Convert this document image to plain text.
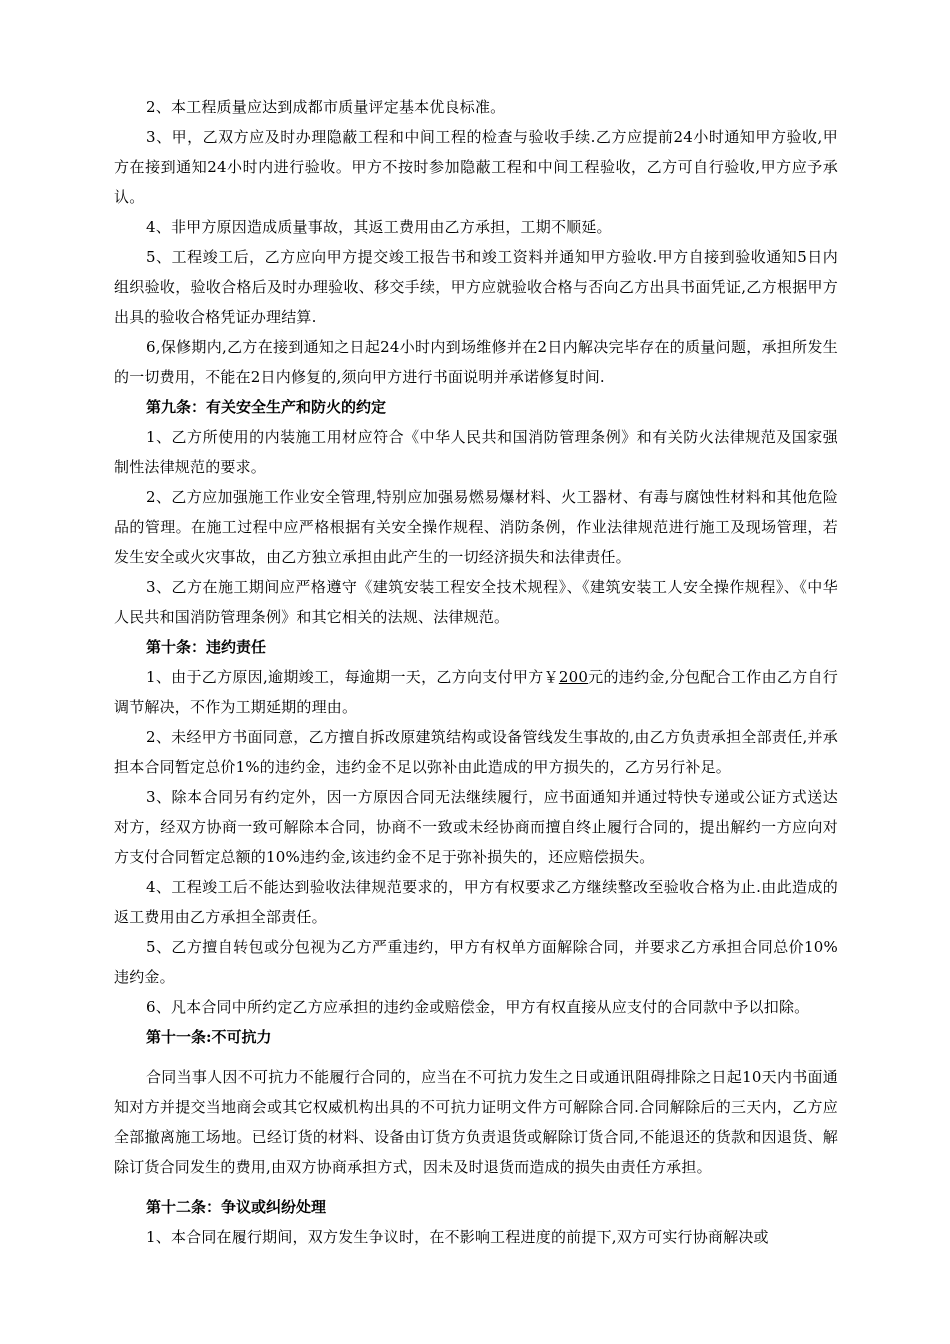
2、本工程质量应达到成都市质量评定基本优良标准。

3、甲，乙双方应及时办理隐蔽工程和中间工程的检查与验收手续.乙方应提前24小时通知甲方验收,甲方在接到通知24小时内进行验收。甲方不按时参加隐蔽工程和中间工程验收，乙方可自行验收,甲方应予承认。

4、非甲方原因造成质量事故，其返工费用由乙方承担，工期不顺延。

5、工程竣工后，乙方应向甲方提交竣工报告书和竣工资料并通知甲方验收.甲方自接到验收通知5日内组织验收，验收合格后及时办理验收、移交手续，甲方应就验收合格与否向乙方出具书面凭证,乙方根据甲方出具的验收合格凭证办理结算.

6,保修期内,乙方在接到通知之日起24小时内到场维修并在2日内解决完毕存在的质量问题，承担所发生的一切费用，不能在2日内修复的,须向甲方进行书面说明并承诺修复时间.

第九条：有关安全生产和防火的约定

1、乙方所使用的内装施工用材应符合《中华人民共和国消防管理条例》和有关防火法律规范及国家强制性法律规范的要求。

2、乙方应加强施工作业安全管理,特别应加强易燃易爆材料、火工器材、有毒与腐蚀性材料和其他危险品的管理。在施工过程中应严格根据有关安全操作规程、消防条例，作业法律规范进行施工及现场管理，若发生安全或火灾事故，由乙方独立承担由此产生的一切经济损失和法律责任。

3、乙方在施工期间应严格遵守《建筑安装工程安全技术规程》、《建筑安装工人安全操作规程》、《中华人民共和国消防管理条例》和其它相关的法规、法律规范。

第十条：违约责任

1、由于乙方原因,逾期竣工，每逾期一天，乙方向支付甲方￥200元的违约金,分包配合工作由乙方自行调节解决，不作为工期延期的理由。

2、未经甲方书面同意，乙方擅自拆改原建筑结构或设备管线发生事故的,由乙方负责承担全部责任,并承担本合同暂定总价1%的违约金，违约金不足以弥补由此造成的甲方损失的，乙方另行补足。

3、除本合同另有约定外，因一方原因合同无法继续履行，应书面通知并通过特快专递或公证方式送达对方，经双方协商一致可解除本合同，协商不一致或未经协商而擅自终止履行合同的，提出解约一方应向对方支付合同暂定总额的10%违约金,该违约金不足于弥补损失的，还应赔偿损失。

4、工程竣工后不能达到验收法律规范要求的，甲方有权要求乙方继续整改至验收合格为止.由此造成的返工费用由乙方承担全部责任。

5、乙方擅自转包或分包视为乙方严重违约，甲方有权单方面解除合同，并要求乙方承担合同总价10%违约金。

6、凡本合同中所约定乙方应承担的违约金或赔偿金，甲方有权直接从应支付的合同款中予以扣除。

第十一条:不可抗力

合同当事人因不可抗力不能履行合同的，应当在不可抗力发生之日或通讯阻碍排除之日起10天内书面通知对方并提交当地商会或其它权威机构出具的不可抗力证明文件方可解除合同.合同解除后的三天内，乙方应全部撤离施工场地。已经订货的材料、设备由订货方负责退货或解除订货合同,不能退还的货款和因退货、解除订货合同发生的费用,由双方协商承担方式，因未及时退货而造成的损失由责任方承担。

第十二条：争议或纠纷处理

1、本合同在履行期间，双方发生争议时，在不影响工程进度的前提下,双方可实行协商解决或
